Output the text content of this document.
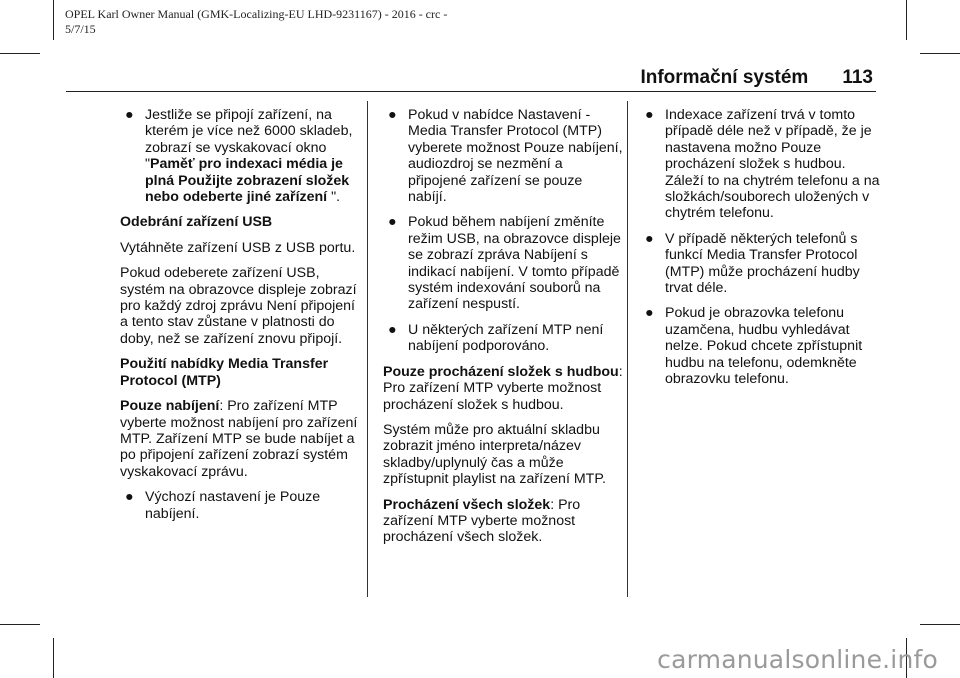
OPEL Karl Owner Manual (GMK-Localizing-EU LHD-9231167) - 2016 - crc -
5/7/15
Informační systém 113
● Jestliže se připojí zařízení, na kterém je více než 6000 skladeb, zobrazí se vyskakovací okno "Paměť pro indexaci média je plná Použijte zobrazení složek nebo odeberte jiné zařízení ".

Odebrání zařízení USB

Vytáhněte zařízení USB z USB portu.

Pokud odeberete zařízení USB, systém na obrazovce displeje zobrazí pro každý zdroj zprávu Není připojení a tento stav zůstane v platnosti do doby, než se zařízení znovu připojí.

Použití nabídky Media Transfer Protocol (MTP)

Pouze nabíjení: Pro zařízení MTP vyberte možnost nabíjení pro zařízení MTP. Zařízení MTP se bude nabíjet a po připojení zařízení zobrazí systém vyskakovací zprávu.

● Výchozí nastavení je Pouze nabíjení.
● Pokud v nabídce Nastavení - Media Transfer Protocol (MTP) vyberete možnost Pouze nabíjení, audiozdroj se nezmění a připojené zařízení se pouze nabíjí.
● Pokud během nabíjení změníte režim USB, na obrazovce displeje se zobrazí zpráva Nabíjení s indikací nabíjení. V tomto případě systém indexování souborů na zařízení nespustí.
● U některých zařízení MTP není nabíjení podporováno.

Pouze procházení složek s hudbou: Pro zařízení MTP vyberte možnost procházení složek s hudbou.

Systém může pro aktuální skladbu zobrazit jméno interpreta/název skladby/uplynulý čas a může zpřístupnit playlist na zařízení MTP.

Procházení všech složek: Pro zařízení MTP vyberte možnost procházení všech složek.

● Indexace zařízení trvá v tomto případě déle než v případě, že je nastavena možno Pouze procházení složek s hudbou. Záleží to na chytrém telefonu a na složkách/souborech uložených v chytrém telefonu.
● V případě některých telefonů s funkcí Media Transfer Protocol (MTP) může procházení hudby trvat déle.
● Pokud je obrazovka telefonu uzamčena, hudbu vyhledávat nelze. Pokud chcete zpřístupnit hudbu na telefonu, odemkněte obrazovku telefonu.
carmanualsonline.info
